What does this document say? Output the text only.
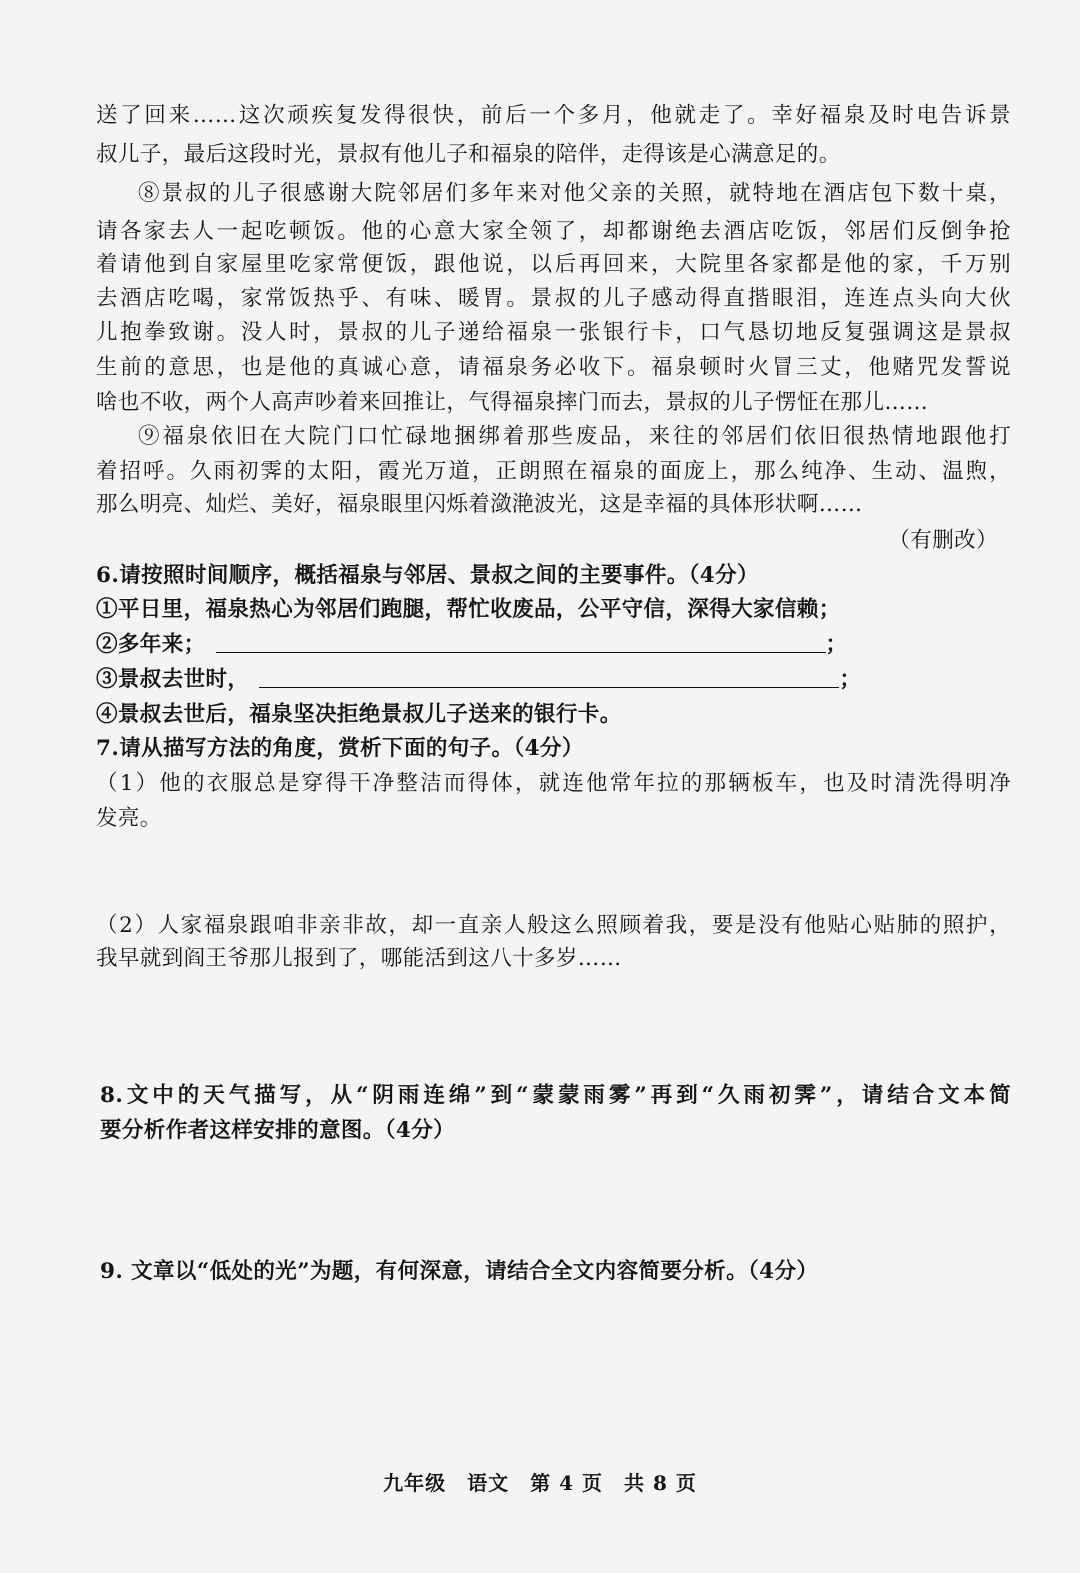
送了回来……这次顽疾复发得很快，前后一个多月，他就走了。幸好福泉及时电告诉景
叔儿子，最后这段时光，景叔有他儿子和福泉的陪伴，走得该是心满意足的。
⑧景叔的儿子很感谢大院邻居们多年来对他父亲的关照，就特地在酒店包下数十桌，
请各家去人一起吃顿饭。他的心意大家全领了，却都谢绝去酒店吃饭，邻居们反倒争抢
着请他到自家屋里吃家常便饭，跟他说，以后再回来，大院里各家都是他的家，千万别
去酒店吃喝，家常饭热乎、有味、暖胃。景叔的儿子感动得直揩眼泪，连连点头向大伙
儿抱拳致谢。没人时，景叔的儿子递给福泉一张银行卡，口气恳切地反复强调这是景叔
生前的意思，也是他的真诚心意，请福泉务必收下。福泉顿时火冒三丈，他赌咒发誓说
啥也不收，两个人高声吵着来回推让，气得福泉摔门而去，景叔的儿子愣怔在那儿……
⑨福泉依旧在大院门口忙碌地捆绑着那些废品，来往的邻居们依旧很热情地跟他打
着招呼。久雨初霁的太阳，霞光万道，正朗照在福泉的面庞上，那么纯净、生动、温煦，
那么明亮、灿烂、美好，福泉眼里闪烁着潋滟波光，这是幸福的具体形状啊……
（有删改）
6.请按照时间顺序，概括福泉与邻居、景叔之间的主要事件。（4分）
①平日里，福泉热心为邻居们跑腿，帮忙收废品，公平守信，深得大家信赖；
②多年来；	；
③景叔去世时，	；
④景叔去世后，福泉坚决拒绝景叔儿子送来的银行卡。
7.请从描写方法的角度，赏析下面的句子。（4分）
（1）他的衣服总是穿得干净整洁而得体，就连他常年拉的那辆板车，也及时清洗得明净
发亮。
（2）人家福泉跟咱非亲非故，却一直亲人般这么照顾着我，要是没有他贴心贴肺的照护，
我早就到阎王爷那儿报到了，哪能活到这八十多岁……
8.文中的天气描写，从“阴雨连绵”到“蒙蒙雨雾”再到“久雨初霁”，请结合文本简
要分析作者这样安排的意图。（4分）
9. 文章以“低处的光”为题，有何深意，请结合全文内容简要分析。（4分）
九年级　语文　第 4 页　共 8 页
